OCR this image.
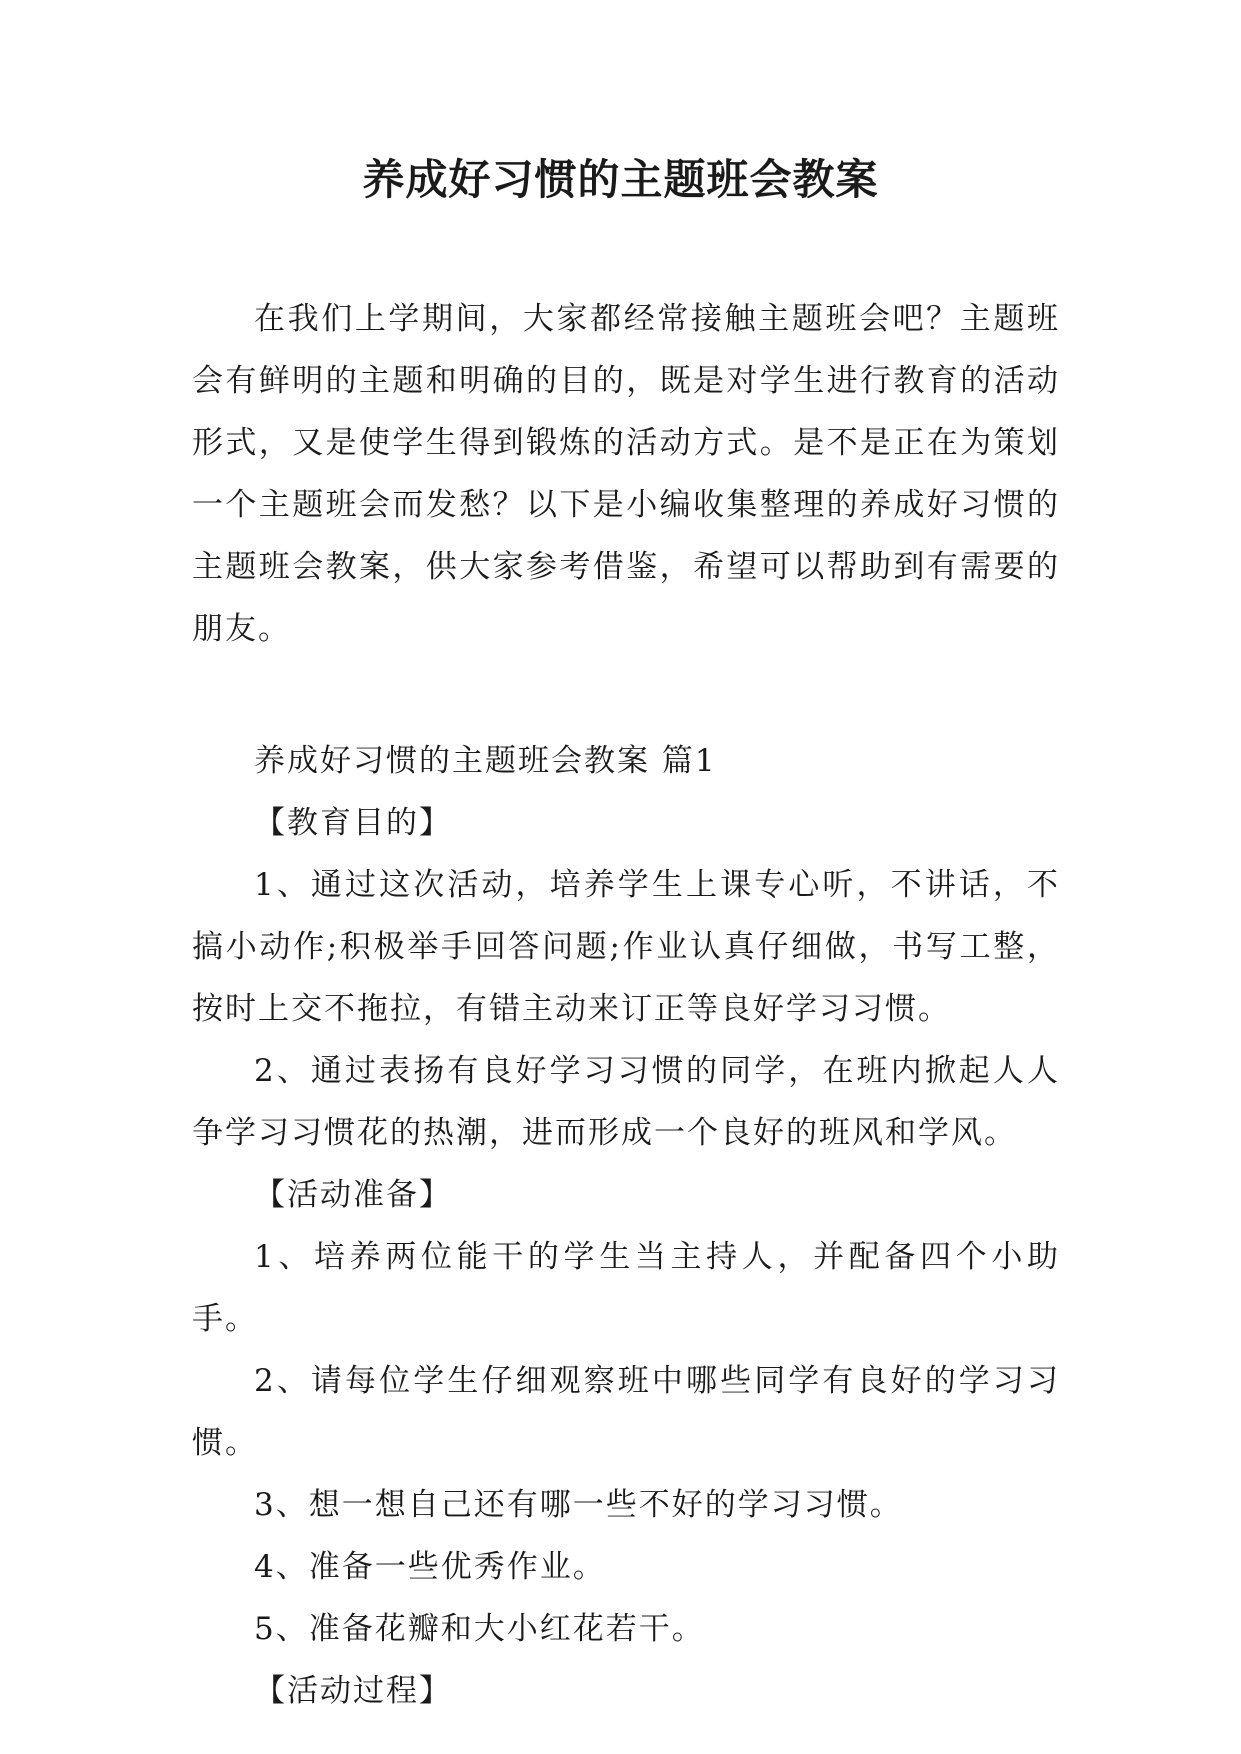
养成好习惯的主题班会教案

在我们上学期间，大家都经常接触主题班会吧？主题班会有鲜明的主题和明确的目的，既是对学生进行教育的活动形式，又是使学生得到锻炼的活动方式。是不是正在为策划一个主题班会而发愁？以下是小编收集整理的养成好习惯的主题班会教案，供大家参考借鉴，希望可以帮助到有需要的朋友。

养成好习惯的主题班会教案 篇1

【教育目的】

1、通过这次活动，培养学生上课专心听，不讲话，不搞小动作;积极举手回答问题;作业认真仔细做，书写工整，按时上交不拖拉，有错主动来订正等良好学习习惯。

2、通过表扬有良好学习习惯的同学，在班内掀起人人争学习习惯花的热潮，进而形成一个良好的班风和学风。

【活动准备】

1、培养两位能干的学生当主持人，并配备四个小助手。

2、请每位学生仔细观察班中哪些同学有良好的学习习惯。

3、想一想自己还有哪一些不好的学习习惯。

4、准备一些优秀作业。

5、准备花瓣和大小红花若干。

【活动过程】
